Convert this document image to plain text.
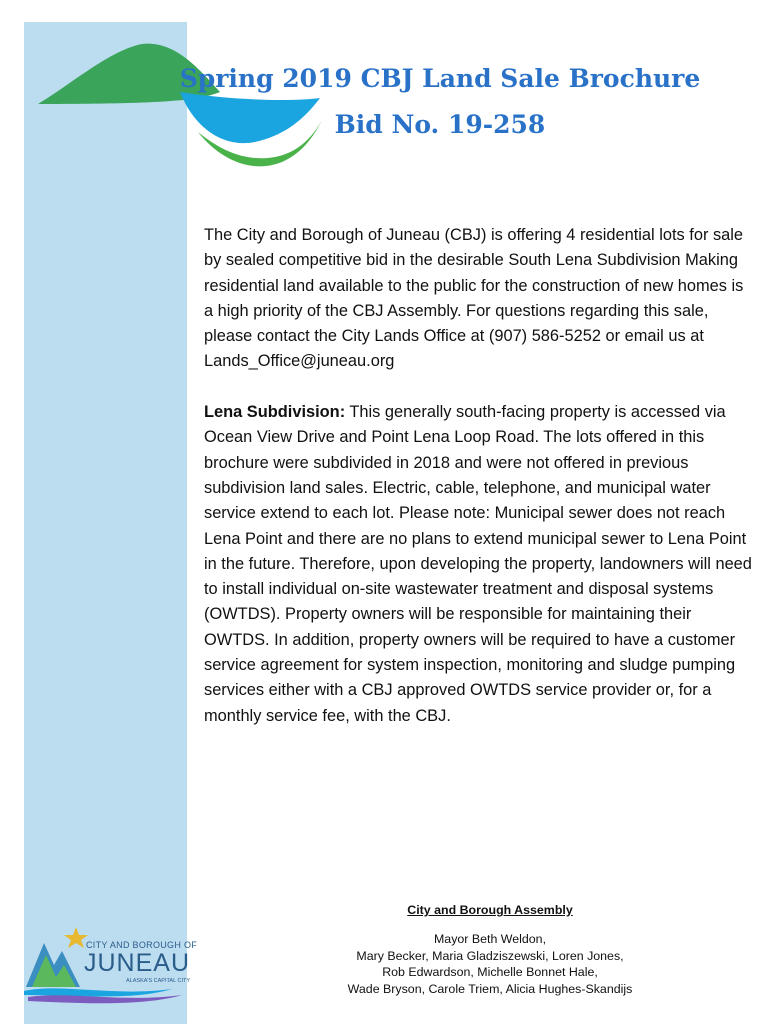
Spring 2019 CBJ Land Sale Brochure
Bid No. 19-258

The City and Borough of Juneau (CBJ) is offering 4 residential lots for sale by sealed competitive bid in the desirable South Lena Subdivision Making residential land available to the public for the construction of new homes is a high priority of the CBJ Assembly. For questions regarding this sale, please contact the City Lands Office at (907) 586-5252 or email us at Lands_Office@juneau.org

Lena Subdivision: This generally south-facing property is accessed via Ocean View Drive and Point Lena Loop Road. The lots offered in this brochure were subdivided in 2018 and were not offered in previous subdivision land sales. Electric, cable, telephone, and municipal water service extend to each lot. Please note: Municipal sewer does not reach Lena Point and there are no plans to extend municipal sewer to Lena Point in the future. Therefore, upon developing the property, landowners will need to install individual on-site wastewater treatment and disposal systems (OWTDS). Property owners will be responsible for maintaining their OWTDS. In addition, property owners will be required to have a customer service agreement for system inspection, monitoring and sludge pumping services either with a CBJ approved OWTDS service provider or, for a monthly service fee, with the CBJ.

City and Borough Assembly
Mayor Beth Weldon,
Mary Becker, Maria Gladziszewski, Loren Jones,
Rob Edwardson, Michelle Bonnet Hale,
Wade Bryson, Carole Triem, Alicia Hughes-Skandijs
CITY AND BOROUGH OF
JUNEAU
ALASKA'S CAPITAL CITY
